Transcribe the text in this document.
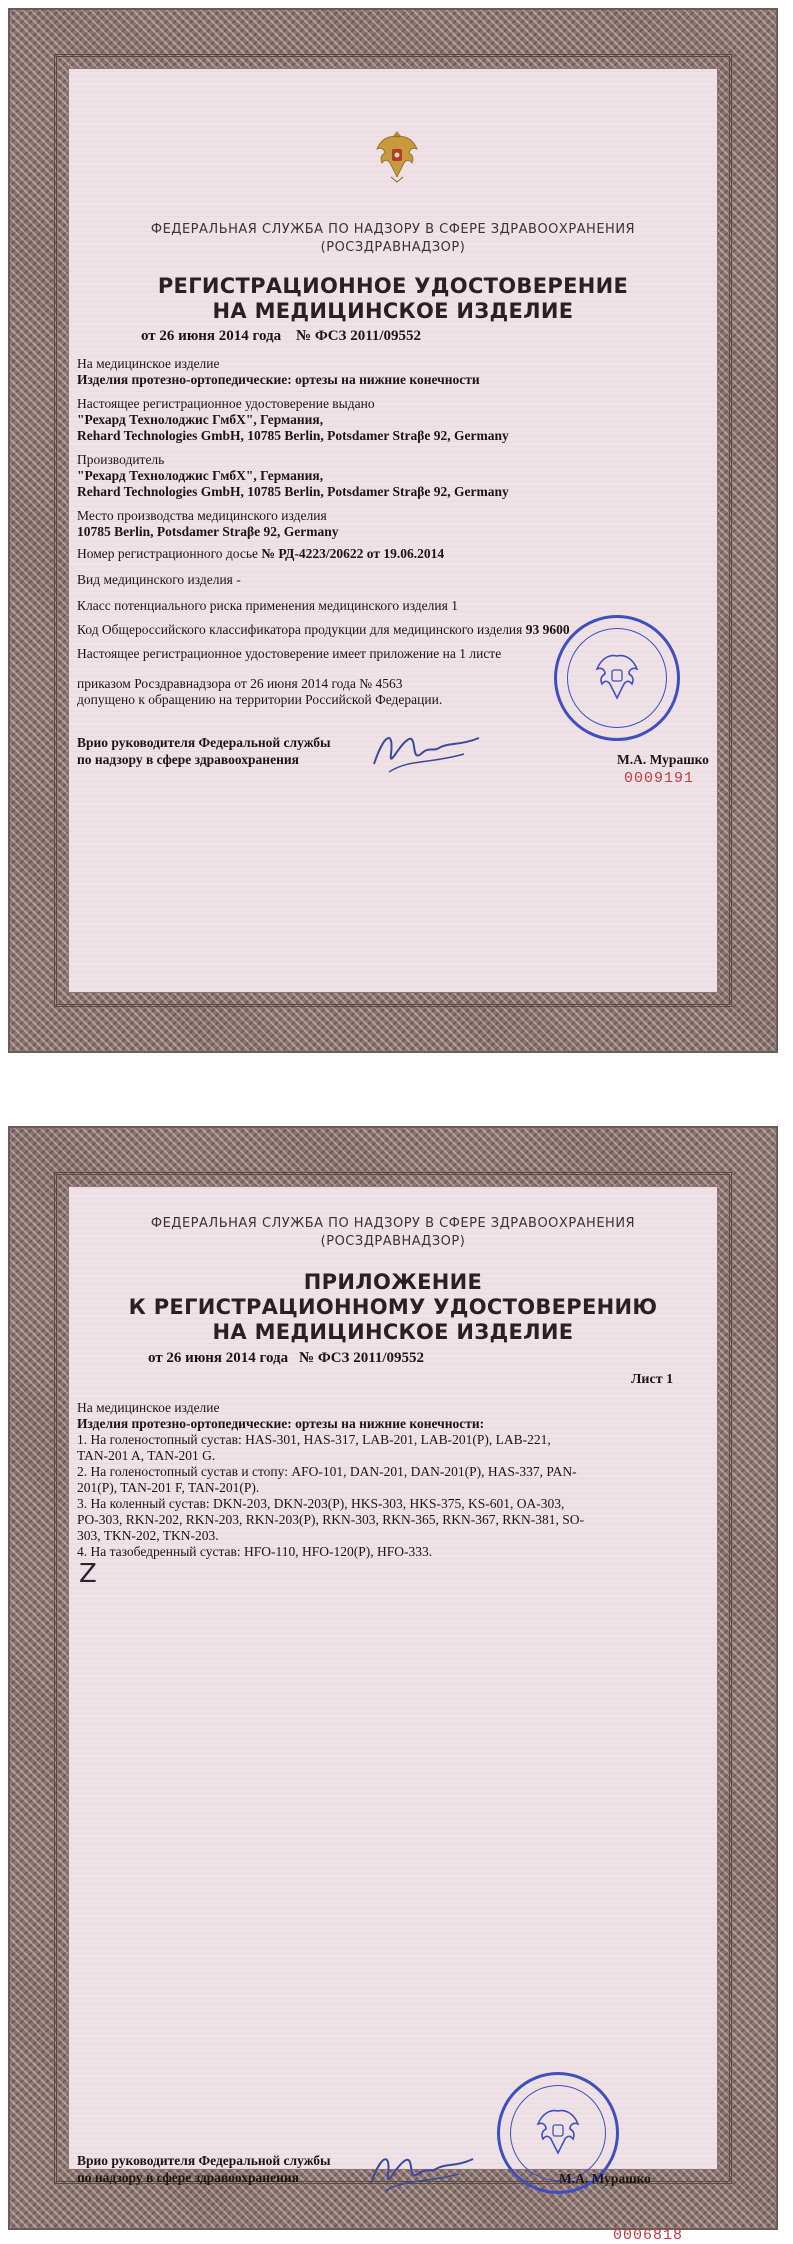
ФЕДЕРАЛЬНАЯ СЛУЖБА ПО НАДЗОРУ В СФЕРЕ ЗДРАВООХРАНЕНИЯ
(РОСЗДРАВНАДЗОР)
РЕГИСТРАЦИОННОЕ УДОСТОВЕРЕНИЕ
НА МЕДИЦИНСКОЕ ИЗДЕЛИЕ
от 26 июня 2014 года № ФСЗ 2011/09552
На медицинское изделие
Изделия протезно-ортопедические: ортезы на нижние конечности
Настоящее регистрационное удостоверение выдано
"Рехард Технолоджис ГмбХ", Германия,
Rehard Technologies GmbH, 10785 Berlin, Potsdamer Straβe 92, Germany
Производитель
"Рехард Технолоджис ГмбХ", Германия,
Rehard Technologies GmbH, 10785 Berlin, Potsdamer Straβe 92, Germany
Место производства медицинского изделия
10785 Berlin, Potsdamer Straβe 92, Germany
Номер регистрационного досье № РД-4223/20622 от 19.06.2014
Вид медицинского изделия -
Класс потенциального риска применения медицинского изделия 1
Код Общероссийского классификатора продукции для медицинского изделия 93 9600
Настоящее регистрационное удостоверение имеет приложение на 1 листе
приказом Росздравнадзора от 26 июня 2014 года № 4563
допущено к обращению на территории Российской Федерации.
Врио руководителя Федеральной службы
по надзору в сфере здравоохранения	М.А. Мурашко
0009191
ФЕДЕРАЛЬНАЯ СЛУЖБА ПО НАДЗОРУ В СФЕРЕ ЗДРАВООХРАНЕНИЯ
(РОСЗДРАВНАДЗОР)
ПРИЛОЖЕНИЕ
К РЕГИСТРАЦИОННОМУ УДОСТОВЕРЕНИЮ
НА МЕДИЦИНСКОЕ ИЗДЕЛИЕ
от 26 июня 2014 года № ФСЗ 2011/09552
Лист 1
На медицинское изделие
Изделия протезно-ортопедические: ортезы на нижние конечности:
1. На голеностопный сустав: HAS-301, HAS-317, LAB-201, LAB-201(P), LAB-221,
TAN-201 A, TAN-201 G.
2. На голеностопный сустав и стопу: AFO-101, DAN-201, DAN-201(P), HAS-337, PAN-
201(P), TAN-201 F, TAN-201(P).
3. На коленный сустав: DKN-203, DKN-203(P), HKS-303, HKS-375, KS-601, OA-303,
PO-303, RKN-202, RKN-203, RKN-203(P), RKN-303, RKN-365, RKN-367, RKN-381, SO-
303, TKN-202, TKN-203.
4. На тазобедренный сустав: HFO-110, HFO-120(P), HFO-333.
Z
Врио руководителя Федеральной службы
по надзору в сфере здравоохранения	М.А. Мурашко
0006818
